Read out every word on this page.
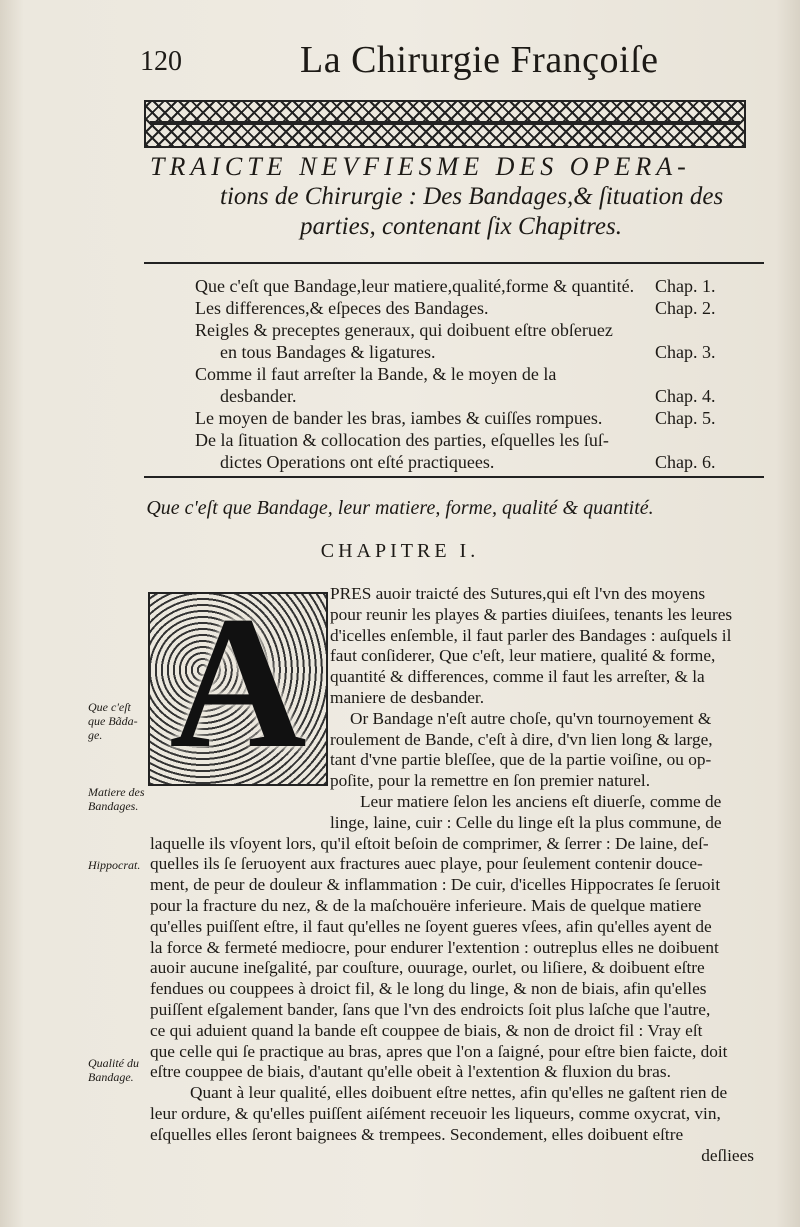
120	La Chirurgie Françoiſe
TRAICTE NEVFIESME DES OPERA-
tions de Chirurgie : Des Bandages,& ſituation des
parties, contenant ſix Chapitres.
Que c'eſt que Bandage,leur matiere,qualité,forme & quantité. Chap. 1.
Les differences,& eſpeces des Bandages.	Chap. 2.
Reigles & preceptes generaux, qui doibuent eſtre obſeruez
en tous Bandages & ligatures.	Chap. 3.
Comme il faut arreſter la Bande, & le moyen de la
desbander.	Chap. 4.
Le moyen de bander les bras, iambes & cuiſſes rompues.	Chap. 5.
De la ſituation & collocation des parties, eſquelles les ſuſ-
dictes Operations ont eſté practiquees.	Chap. 6.
Que c'eſt que Bandage, leur matiere, forme, qualité & quantité.
CHAPITRE I.
A	PRES auoir traicté des Sutures,qui eſt l'vn des moyens
pour reunir les playes & parties diuiſees, tenants les leures
d'icelles enſemble, il faut parler des Bandages : auſquels il
faut conſiderer, Que c'eſt, leur matiere, qualité & forme,
quantité & differences, comme il faut les arreſter, & la
maniere de desbander.
Or Bandage n'eſt autre choſe, qu'vn tournoyement &
roulement de Bande, c'eſt à dire, d'vn lien long & large,
tant d'vne partie bleſſee, que de la partie voiſine, ou op-
poſite, pour la remettre en ſon premier naturel.
Leur matiere ſelon les anciens eſt diuerſe, comme de
linge, laine, cuir : Celle du linge eſt la plus commune, de
laquelle ils vſoyent lors, qu'il eſtoit beſoin de comprimer, & ſerrer : De laine, deſ-
quelles ils ſe ſeruoyent aux fractures auec playe, pour ſeulement contenir douce-
ment, de peur de douleur & inflammation : De cuir, d'icelles Hippocrates ſe ſeruoit
pour la fracture du nez, & de la maſchouëre inferieure. Mais de quelque matiere
qu'elles puiſſent eſtre, il faut qu'elles ne ſoyent gueres vſees, afin qu'elles ayent de
la force & fermeté mediocre, pour endurer l'extention : outreplus elles ne doibuent
auoir aucune ineſgalité, par couſture, ouurage, ourlet, ou liſiere, & doibuent eſtre
fendues ou couppees à droict fil, & le long du linge, & non de biais, afin qu'elles
puiſſent eſgalement bander, ſans que l'vn des endroicts ſoit plus laſche que l'autre,
ce qui aduient quand la bande eſt couppee de biais, & non de droict fil : Vray eſt
que celle qui ſe practique au bras, apres que l'on a ſaigné, pour eſtre bien faicte, doit
eſtre couppee de biais, d'autant qu'elle obeit à l'extention & fluxion du bras.
Quant à leur qualité, elles doibuent eſtre nettes, afin qu'elles ne gaſtent rien de
leur ordure, & qu'elles puiſſent aiſément receuoir les liqueurs, comme oxycrat, vin,
eſquelles elles ſeront baignees & trempees. Secondement, elles doibuent eſtre
deſliees
Que c'eſt que Bãda-ge.
Matiere des Bandages.
Hippocrat.
Qualité du Bandage.
